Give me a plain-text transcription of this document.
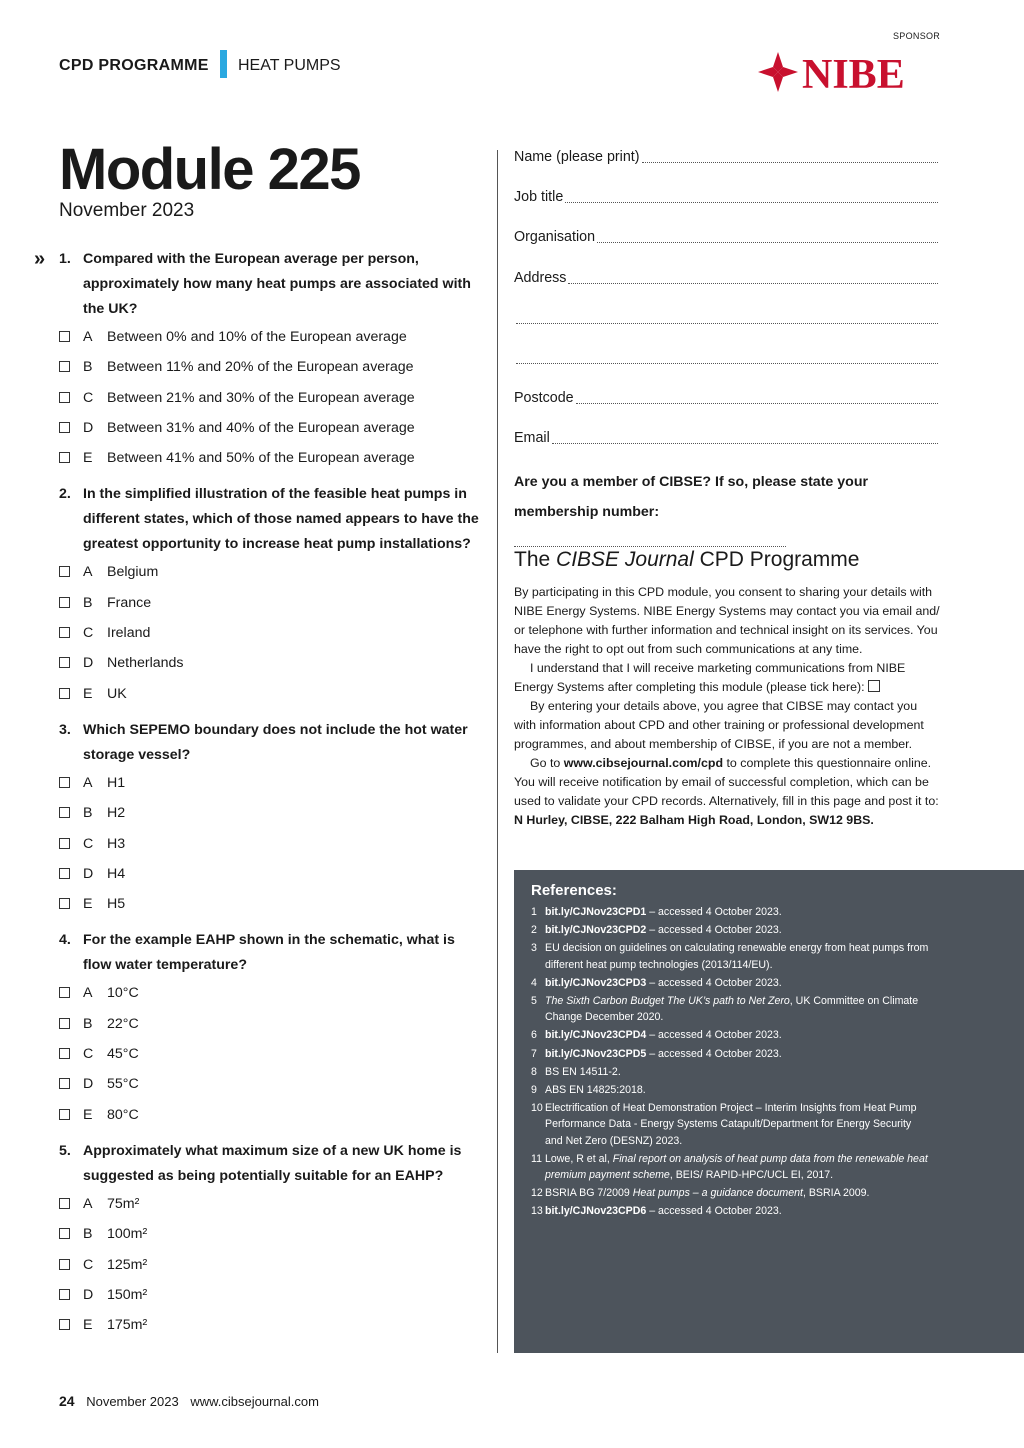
CPD PROGRAMME HEAT PUMPS
SPONSOR
NIBE
Module 225
November 2023
» 1. Compared with the European average per person, approximately how many heat pumps are associated with the UK?
A Between 0% and 10% of the European average
B Between 11% and 20% of the European average
C Between 21% and 30% of the European average
D Between 31% and 40% of the European average
E Between 41% and 50% of the European average
2. In the simplified illustration of the feasible heat pumps in different states, which of those named appears to have the greatest opportunity to increase heat pump installations?
A Belgium
B France
C Ireland
D Netherlands
E UK
3. Which SEPEMO boundary does not include the hot water storage vessel?
A H1
B H2
C H3
D H4
E H5
4. For the example EAHP shown in the schematic, what is flow water temperature?
A 10°C
B 22°C
C 45°C
D 55°C
E 80°C
5. Approximately what maximum size of a new UK home is suggested as being potentially suitable for an EAHP?
A 75m²
B 100m²
C 125m²
D 150m²
E 175m²
Name (please print)
Job title
Organisation
Address
Postcode
Email
Are you a member of CIBSE? If so, please state your
membership number:
The CIBSE Journal CPD Programme

By participating in this CPD module, you consent to sharing your details with NIBE Energy Systems. NIBE Energy Systems may contact you via email and/ or telephone with further information and technical insight on its services. You have the right to opt out from such communications at any time.

I understand that I will receive marketing communications from NIBE Energy Systems after completing this module (please tick here):

By entering your details above, you agree that CIBSE may contact you with information about CPD and other training or professional development programmes, and about membership of CIBSE, if you are not a member.

Go to www.cibsejournal.com/cpd to complete this questionnaire online. You will receive notification by email of successful completion, which can be used to validate your CPD records. Alternatively, fill in this page and post it to: N Hurley, CIBSE, 222 Balham High Road, London, SW12 9BS.

References:
1 bit.ly/CJNov23CPD1 – accessed 4 October 2023.
2 bit.ly/CJNov23CPD2 – accessed 4 October 2023.
3 EU decision on guidelines on calculating renewable energy from heat pumps from different heat pump technologies (2013/114/EU).
4 bit.ly/CJNov23CPD3 – accessed 4 October 2023.
5 The Sixth Carbon Budget The UK’s path to Net Zero, UK Committee on Climate Change December 2020.
6 bit.ly/CJNov23CPD4 – accessed 4 October 2023.
7 bit.ly/CJNov23CPD5 – accessed 4 October 2023.
8 BS EN 14511-2.
9 ABS EN 14825:2018.
10 Electrification of Heat Demonstration Project – Interim Insights from Heat Pump Performance Data - Energy Systems Catapult/Department for Energy Security and Net Zero (DESNZ) 2023.
11 Lowe, R et al, Final report on analysis of heat pump data from the renewable heat premium payment scheme, BEIS/ RAPID-HPC/UCL EI, 2017.
12 BSRIA BG 7/2009 Heat pumps – a guidance document, BSRIA 2009.
13 bit.ly/CJNov23CPD6 – accessed 4 October 2023.
24 November 2023 www.cibsejournal.com
